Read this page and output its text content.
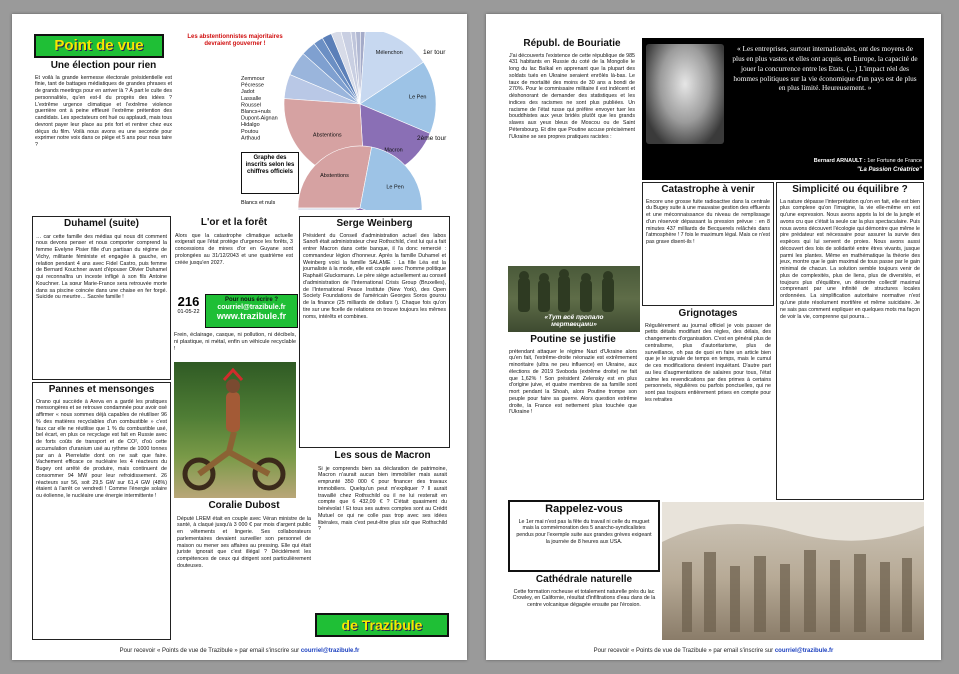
Point de vue
Une élection pour rien
Et voilà la grande kermesse électorale présidentielle est finie, tant de battages médiatiques de grandes phrases et de grands meetings pour en arriver là ? À part le culte des personnalités, qu'en est-il du progrès des idées ? L'extrême urgence climatique et l'extrême violence guerrière ont à peine effleuré l'extrême prétention des candidats. Les spectateurs ont hué ou applaudi, mais tous devront payer leur place au prix fort et rentrer chez eux déçus du film. Voilà nous avons eu une seconde pour exprimer notre voix dans ce piège et 5 ans pour nous taire ?
Les abstentionnistes majoritaires devraient gouverner !
Zemmour
Pécresse
Jadot
Lassalle
Roussel
Blancs+nuls
Dupont-Aignan
Hidalgo
Poutou
Arthaud
Mélenchon
Le Pen
Macron
Abstentions
1er tour
Abstentions
Le Pen
2ème tour
Graphe des inscrits selon les chiffres officiels
Blancs et nuls
Duhamel (suite)
… car cette famille des médias qui nous dit comment nous devons penser et nous comporter comprend la femme Evelyne Pisier fille d'un partisan du régime de Vichy, militante féministe et engagée à gauche, en relation pendant 4 ans avec Fidel Castro, puis femme de Bernard Kouchner avant d'épouser Olivier Duhamel qui reconnaîtra un inceste infligé à son fils Antoine Kouchner. La sœur Marie-France sera retrouvée morte dans sa piscine coincée dans une chaise en fer forgé. Suicide ou meurtre… Sacrée famille !
L'or et la forêt
Alors que la catastrophe climatique actuelle exigerait que l'état protège d'urgence les forêts, 3 concessions de mines d'or en Guyane sont prolongées au 31/12/2043 et une quatrième est créée jusqu'en 2027.
216
01-05-22
Pour nous écrire ?
courriel@trazibule.fr
www.trazibule.fr
Frein, éclairage, casque, ni pollution, ni décibels, ni plastique, ni métal, enfin un véhicule recyclable !
Serge Weinberg
Président du Conseil d'administration actuel des labos Sanofi était administrateur chez Rothschild, c'est lui qui a fait entrer Macron dans cette banque, il l'a donc remercié : commandeur légion d'honneur. Après la famille Duhamel et Weinberg voici la famille SALAME : La fille Léa est la journaliste à la mode, elle est couple avec l'homme politique Raphaël Glucksmann. Le père siège actuellement au conseil d'administration de l'International Crisis Group (Bruxelles), de l'International Peace Institute (New York), des Open Society Foundations de l'américain Georges Soros gourou de la finance (25 milliards de dollars !). Chaque fois qu'on tire sur une ficelle de relations on trouve toujours les mêmes noms, intérêts et combines.
Pannes et mensonges
Orano qui succède à Areva en a gardé les pratiques mensongères et se retrouve condamnée pour avoir osé affirmer « nous sommes déjà capables de réutiliser 96 % des matières recyclables d'un combustible » c'est faux car elle ne réutilise que 1 % du combustible usé, bel écart, en plus ce recyclage est fait en Russie avec de forts coûts de transport et de CO², d'où cette accumulation d'uranium usé au rythme de 1000 tonnes par an à Pierrelatte dont on ne sait que faire. Vachement efficace ce nucléaire les 4 réacteurs du Bugey ont arrêté de produire, mais continuent de consommer 94 MW pour leur refroidissement. 26 réacteurs sur 56, soit 29,5 GW sur 61,4 GW (48%) étaient à l'arrêt ce vendredi ! Comme l'énergie solaire ou éolienne, le nucléaire une énergie intermittente !
Coralie Dubost
Député LREM était en couple avec Véran ministre de la santé, à claqué jusqu'à 3 000 € par mois d'argent public en vêtements et lingerie. Ses collaborateurs parlementaires devaient surveiller son personnel de maison ou mener ses affaires au pressing. Elle qui était juriste ignorait que c'est illégal ? Décidément les compétences de ceux qui dirigent sont particulièrement douteuses.
Les sous de Macron
Si je comprends bien sa déclaration de patrimoine, Macron n'aurait aucun bien immobilier mais aurait emprunté 350 000 € pour financer des travaux immobiliers. Quelqu'un peut m'expliquer ? Il aurait travaillé chez Rothschild ou il ne lui resterait en compte que 6 432,09 € ? C'était quasiment du bénévolat ! Et tous ses autres comptes sont au Crédit Mutuel ce qui ne colle pas trop avec ses idées libérales, mais c'est peut-être plus sûr que Rothschild ?
de Trazibule
Pour recevoir « Points de vue de Trazibule » par email s'inscrire sur courriel@trazibule.fr
Républ. de Bouriatie
J'ai découverts l'existence de cette république de 985 431 habitants en Russie du coté de la Mongolie le long du lac Baïkal en apprenant que la plupart des soldats tués en Ukraine seraient enrôlés là-bas. Le taux de mortalité des moins de 30 ans a bondi de 270%. Pour le commissaire militaire il est indécent et déshonorant de demander des statistiques et les indices des racismes ne sont plus publiées. Un racisme de l'état russe qui préfère envoyer tuer les bouddhistes aux yeux bridés plutôt que les grands slaves aux yeux bleus de Moscou ou de Saint Pétersbourg. Et dire que Poutine accuse précisément l'Ukraine se ses propres pratiques racistes :
«Тут всё пропало мертвецами»
« Les entreprises, surtout internationales, ont des moyens de plus en plus vastes et elles ont acquis, en Europe, la capacité de jouer la concurrence entre les Etats. (...) L'impact réel des hommes politiques sur la vie économique d'un pays est de plus en plus limité. Heureusement. »
Bernard ARNAULT : 1er Fortune de France
"La Passion Créatrice"
Catastrophe à venir
Encore une grosse fuite radioactive dans la centrale du Bugey suite à une mauvaise gestion des effluents et une méconnaissance du niveau de remplissage d'un réservoir dépassant la pression prévue : en 8 minutes 437 milliards de Becquerels relâchés dans l'atmosphère ! 7 fois le maximum légal. Mais ce n'est pas grave disent-ils !
Simplicité ou équilibre ?
La nature dépasse l'interprétation qu'on en fait, elle est bien plus complexe qu'on l'imagine, la vie elle-même en est qu'une expression. Nous avons appris la loi de la jungle et avons cru que c'était la seule car la plus spectaculaire. Puis nous avons découvert l'écologie qui démontre que même le pire prédateur est nécessaire pour assurer la survie des espèces qui lui servent de proies. Nous avons aussi découvert des lois de solidarité entre êtres vivants, jusque parmi les plantes. Même en mathématique la théorie des jeux, montre que le gain maximal de tous passe par le gain minimal de chacun. La solution semble toujours venir de plus de complexités, plus de liens, plus de diversités, et toujours plus d'équilibre, un désordre collectif maximal comprenant par une infinité de structures locales ordonnées. La simplification autoritaire normative n'est qu'une piste résolument mortifère et même suicidaire. Je ne sais pas comment expliquer en quelques mots ma façon de voir la vie, comprenne qui pourra…
Grignotages
Régulièrement au journal officiel je vois passer de petits détails modifiant des règles, des délais, des changements d'organisation. C'est en général plus de centralisme, plus d'autoritarisme, plus de surveillance, oh pas de quoi en faire un article bien que je le signale de temps en temps, mais le cumul de ces modifications devient inquiétant. D'autre part au lieu d'augmentations de salaires pour tous, l'état calme les revendications par des primes à certains personnels, régulières ou parfois ponctuelles, qui ne sont pas toujours entièrement prises en compte pour les retraites
Poutine se justifie
prétendant attaquer le régime Nazi d'Ukraine alors qu'en fait, l'extrême-droite néonazie est extrêmement minoritaire (ultra ne peu influence) en Ukraine, aux élections de 2019 Svoboda (extrême droite) ne fait que 1,62% ! Son président Zelensky est en plus d'origine juive, et quatre membres de sa famille sont mort pendant la Shoah, alors Poutine trompe son peuple pour faire sa guerre. Alors question extrême droite, la France est nettement plus touchée que l'Ukraine !
Rappelez-vous
Le 1er mai n'est pas la fête du travail ni celle du muguet mais la commémoration des 5 anarcho-syndicalistes pendus pour l'exemple suite aux grandes grèves exigeant la journée de 8 heures aux USA.
Cathédrale naturelle
Cette formation rocheuse et totalement naturelle près du lac Crowley, en Californie, résultat d'infiltrations d'eau dans de la centre volcanique dégagée ensuite par l'érosion.
Pour recevoir « Points de vue de Trazibule » par email s'inscrire sur courriel@trazibule.fr
